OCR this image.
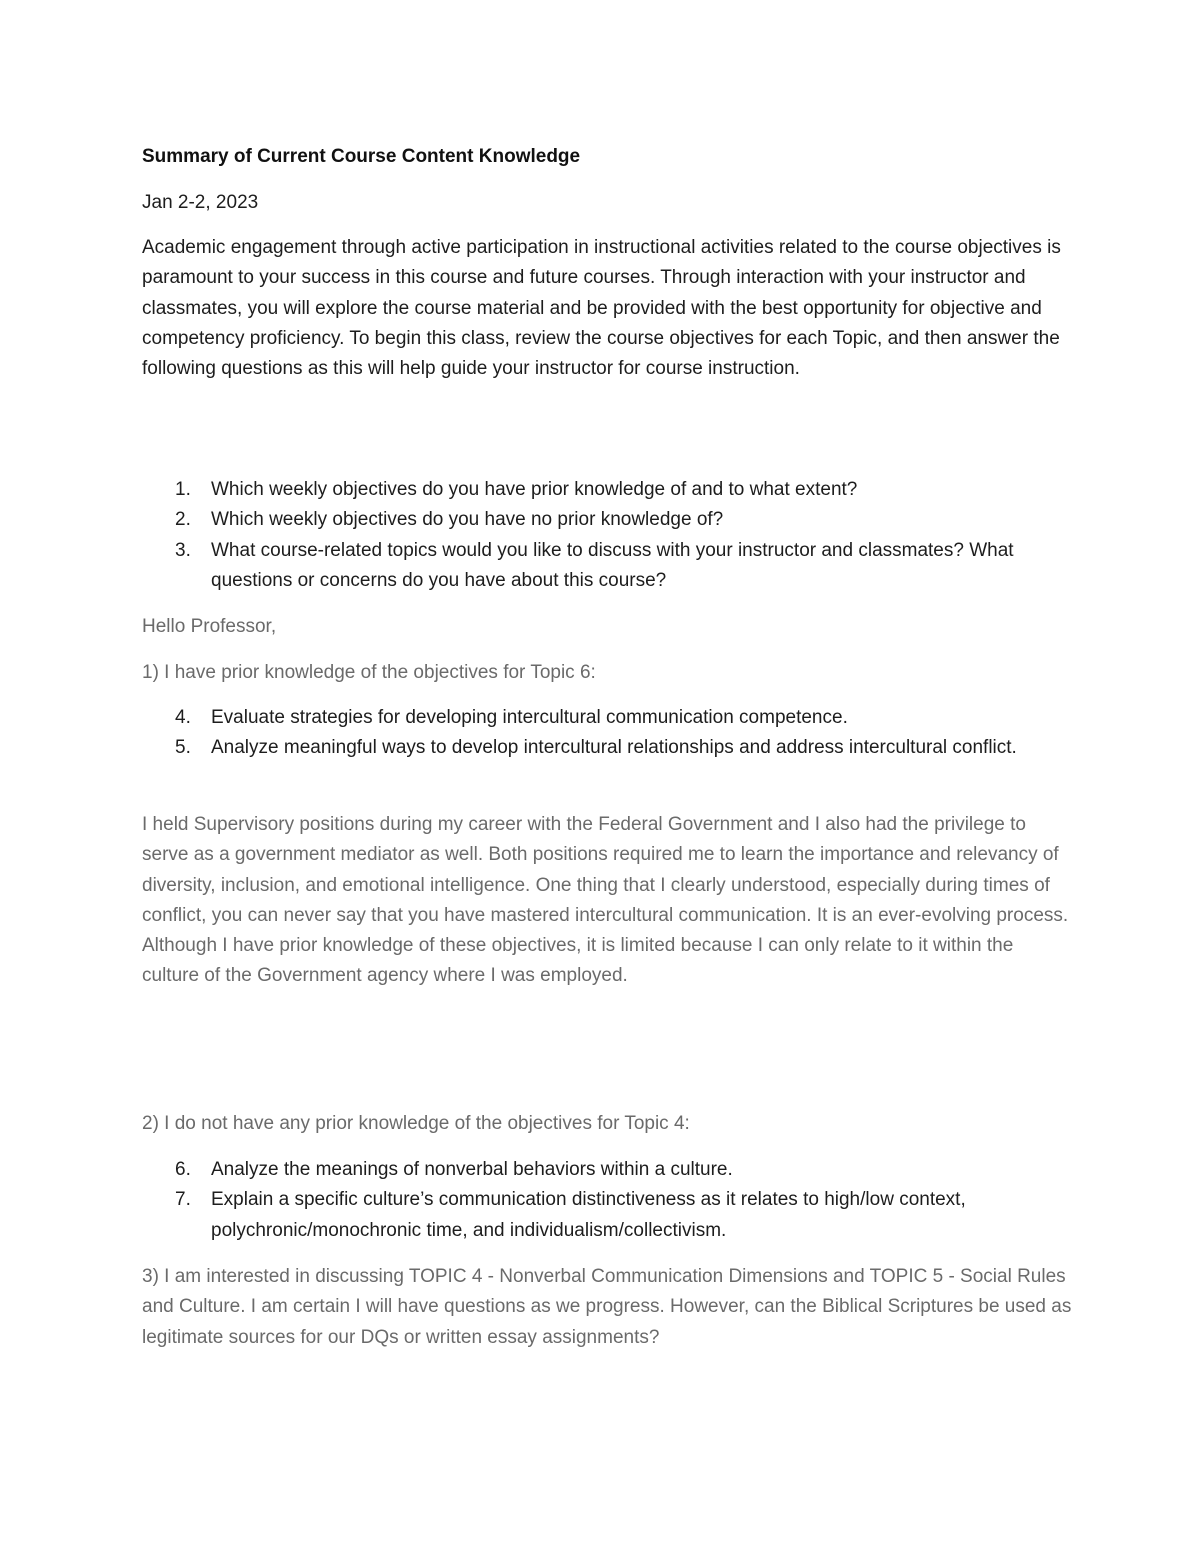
Summary of Current Course Content Knowledge

Jan 2-2, 2023

Academic engagement through active participation in instructional activities related to the course objectives is paramount to your success in this course and future courses. Through interaction with your instructor and classmates, you will explore the course material and be provided with the best opportunity for objective and competency proficiency. To begin this class, review the course objectives for each Topic, and then answer the following questions as this will help guide your instructor for course instruction.

1. Which weekly objectives do you have prior knowledge of and to what extent?
2. Which weekly objectives do you have no prior knowledge of?
3. What course-related topics would you like to discuss with your instructor and classmates? What questions or concerns do you have about this course?

Hello Professor,

1) I have prior knowledge of the objectives for Topic 6:

4. Evaluate strategies for developing intercultural communication competence.
5. Analyze meaningful ways to develop intercultural relationships and address intercultural conflict.

I held Supervisory positions during my career with the Federal Government and I also had the privilege to serve as a government mediator as well. Both positions required me to learn the importance and relevancy of diversity, inclusion, and emotional intelligence. One thing that I clearly understood, especially during times of conflict, you can never say that you have mastered intercultural communication. It is an ever-evolving process. Although I have prior knowledge of these objectives, it is limited because I can only relate to it within the culture of the Government agency where I was employed.

2) I do not have any prior knowledge of the objectives for Topic 4:

6. Analyze the meanings of nonverbal behaviors within a culture.
7. Explain a specific culture’s communication distinctiveness as it relates to high/low context, polychronic/monochronic time, and individualism/collectivism.

3) I am interested in discussing TOPIC 4 - Nonverbal Communication Dimensions and TOPIC 5 - Social Rules and Culture. I am certain I will have questions as we progress. However, can the Biblical Scriptures be used as legitimate sources for our DQs or written essay assignments?
